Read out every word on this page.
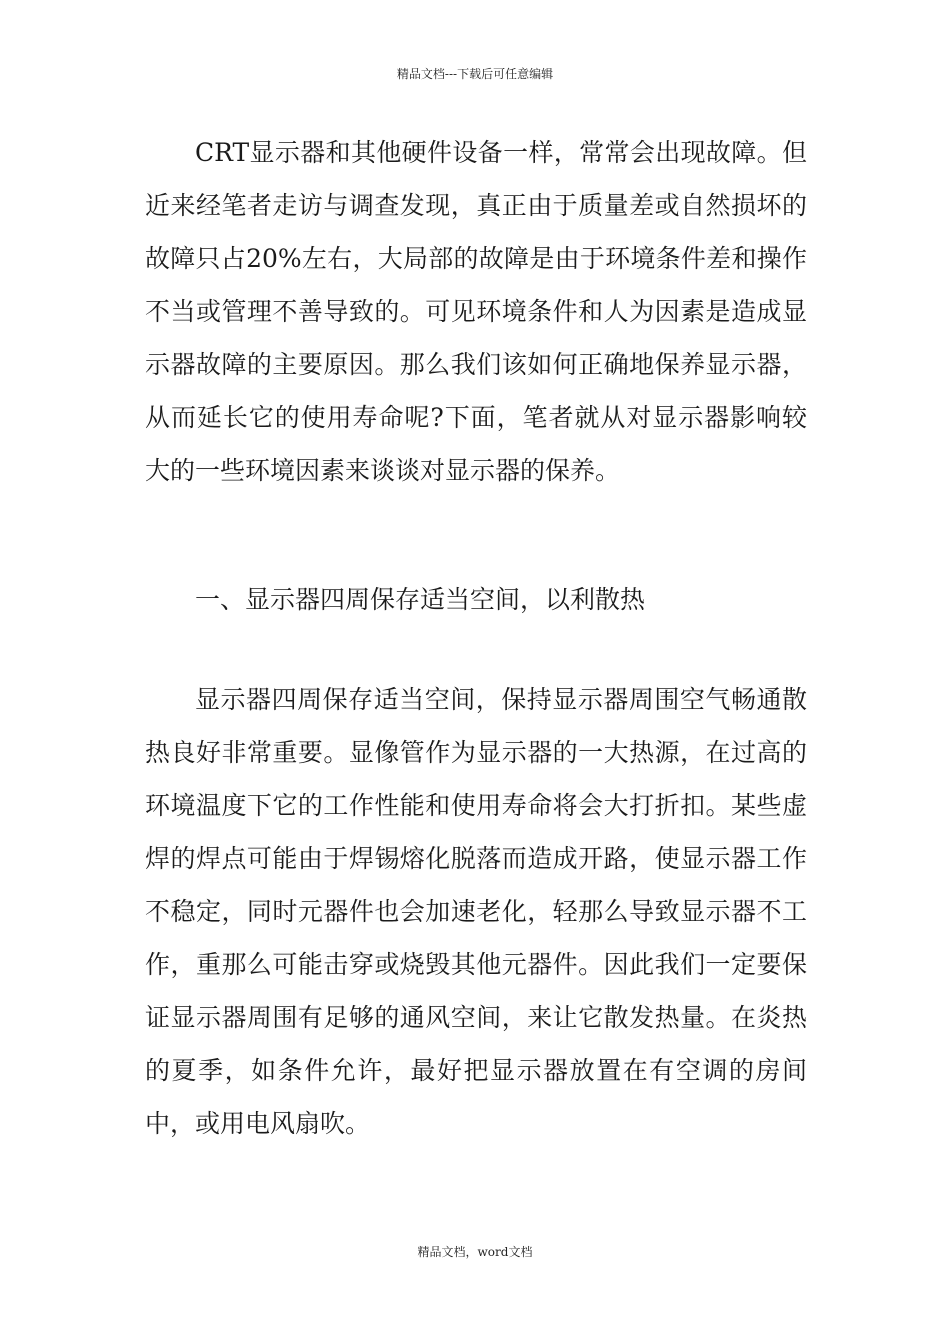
精品文档---下载后可任意编辑

CRT显示器和其他硬件设备一样，常常会出现故障。但近来经笔者走访与调查发现，真正由于质量差或自然损坏的故障只占20%左右，大局部的故障是由于环境条件差和操作不当或管理不善导致的。可见环境条件和人为因素是造成显示器故障的主要原因。那么我们该如何正确地保养显示器，从而延长它的使用寿命呢?下面，笔者就从对显示器影响较大的一些环境因素来谈谈对显示器的保养。

一、显示器四周保存适当空间，以利散热

显示器四周保存适当空间，保持显示器周围空气畅通散热良好非常重要。显像管作为显示器的一大热源，在过高的环境温度下它的工作性能和使用寿命将会大打折扣。某些虚焊的焊点可能由于焊锡熔化脱落而造成开路，使显示器工作不稳定，同时元器件也会加速老化，轻那么导致显示器不工作，重那么可能击穿或烧毁其他元器件。因此我们一定要保证显示器周围有足够的通风空间，来让它散发热量。在炎热的夏季，如条件允许，最好把显示器放置在有空调的房间中，或用电风扇吹。

精品文档，word文档
